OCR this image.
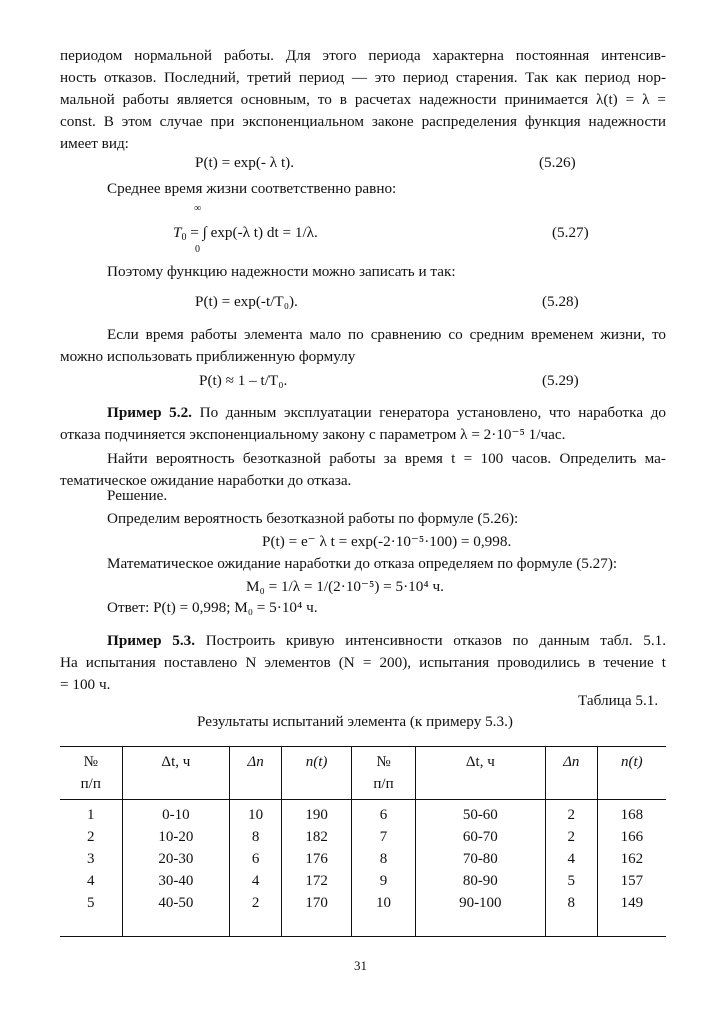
периодом нормальной работы. Для этого периода характерна постоянная интенсив-
ность отказов. Последний, третий период — это период старения. Так как период нор-
мальной работы является основным, то в расчетах надежности принимается λ(t) = λ =
const. В этом случае при экспоненциальном законе распределения функция надежности
имеет вид:
P(t) = exp(- λ t).	(5.26)
Среднее время жизни соответственно равно:
∞
$T_0$ = ∫ exp(-λ t) dt = 1/λ.
0
(5.27)
Поэтому функцию надежности можно записать и так:
P(t) = exp(-t/T₀).	(5.28)
Если время работы элемента мало по сравнению со средним временем жизни, то
можно использовать приближенную формулу
P(t) ≈ 1 – t/T₀.	(5.29)
Пример 5.2. По данным эксплуатации генератора установлено, что наработка до
отказа подчиняется экспоненциальному закону с параметром λ = 2·10⁻⁵ 1/час.
Найти вероятность безотказной работы за время t = 100 часов. Определить ма-
тематическое ожидание наработки до отказа.
Решение.
Определим вероятность безотказной работы по формуле (5.26):
P(t) = e⁻ λ t = exp(-2·10⁻⁵·100) = 0,998.
Математическое ожидание наработки до отказа определяем по формуле (5.27):
M₀ = 1/λ = 1/(2·10⁻⁵) = 5·10⁴ ч.
Ответ: P(t) = 0,998; M₀ = 5·10⁴ ч.
Пример 5.3. Построить кривую интенсивности отказов по данным табл. 5.1.
На испытания поставлено N элементов (N = 200), испытания проводились в течение t
= 100 ч.
Таблица 5.1.
Результаты испытаний элемента (к примеру 5.3.)
№
п/п	Δt, ч	Δn	n(t)	№
п/п	Δt, ч	Δn	n(t)
1	0-10	10	190	6	50-60	2	168
2	10-20	8	182	7	60-70	2	166
3	20-30	6	176	8	70-80	4	162
4	30-40	4	172	9	80-90	5	157
5	40-50	2	170	10	90-100	8	149

31
